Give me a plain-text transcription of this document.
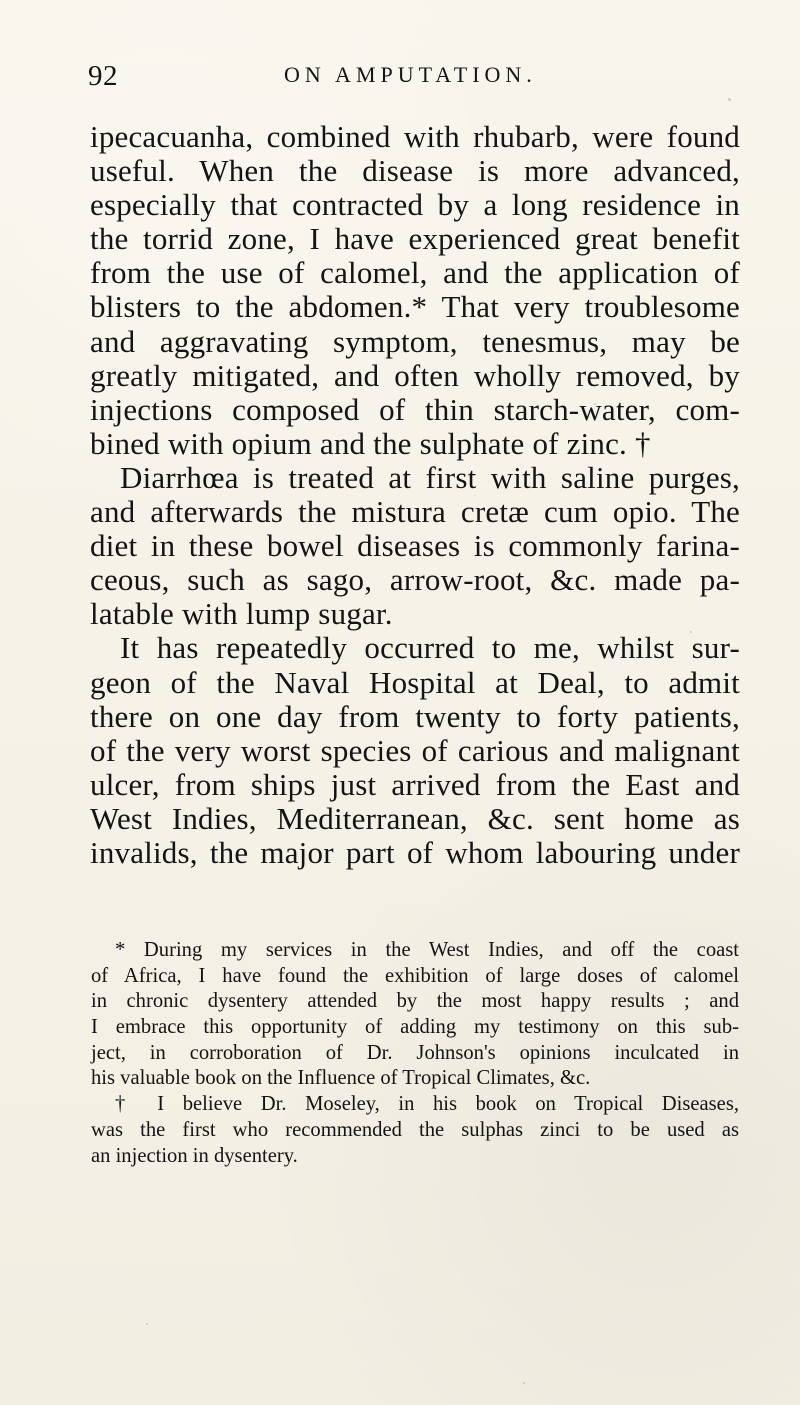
92	ON AMPUTATION.
ipecacuanha, combined with rhubarb, were found
useful. When the disease is more advanced,
especially that contracted by a long residence in
the torrid zone, I have experienced great benefit
from the use of calomel, and the application of
blisters to the abdomen.* That very troublesome
and aggravating symptom, tenesmus, may be
greatly mitigated, and often wholly removed, by
injections composed of thin starch-water, com-
bined with opium and the sulphate of zinc. †
Diarrhœa is treated at first with saline purges,
and afterwards the mistura cretæ cum opio. The
diet in these bowel diseases is commonly farina-
ceous, such as sago, arrow-root, &c. made pa-
latable with lump sugar.
It has repeatedly occurred to me, whilst sur-
geon of the Naval Hospital at Deal, to admit
there on one day from twenty to forty patients,
of the very worst species of carious and malignant
ulcer, from ships just arrived from the East and
West Indies, Mediterranean, &c. sent home as
invalids, the major part of whom labouring under
* During my services in the West Indies, and off the coast
of Africa, I have found the exhibition of large doses of calomel
in chronic dysentery attended by the most happy results ; and
I embrace this opportunity of adding my testimony on this sub-
ject, in corroboration of Dr. Johnson's opinions inculcated in
his valuable book on the Influence of Tropical Climates, &c.
† I believe Dr. Moseley, in his book on Tropical Diseases,
was the first who recommended the sulphas zinci to be used as
an injection in dysentery.
